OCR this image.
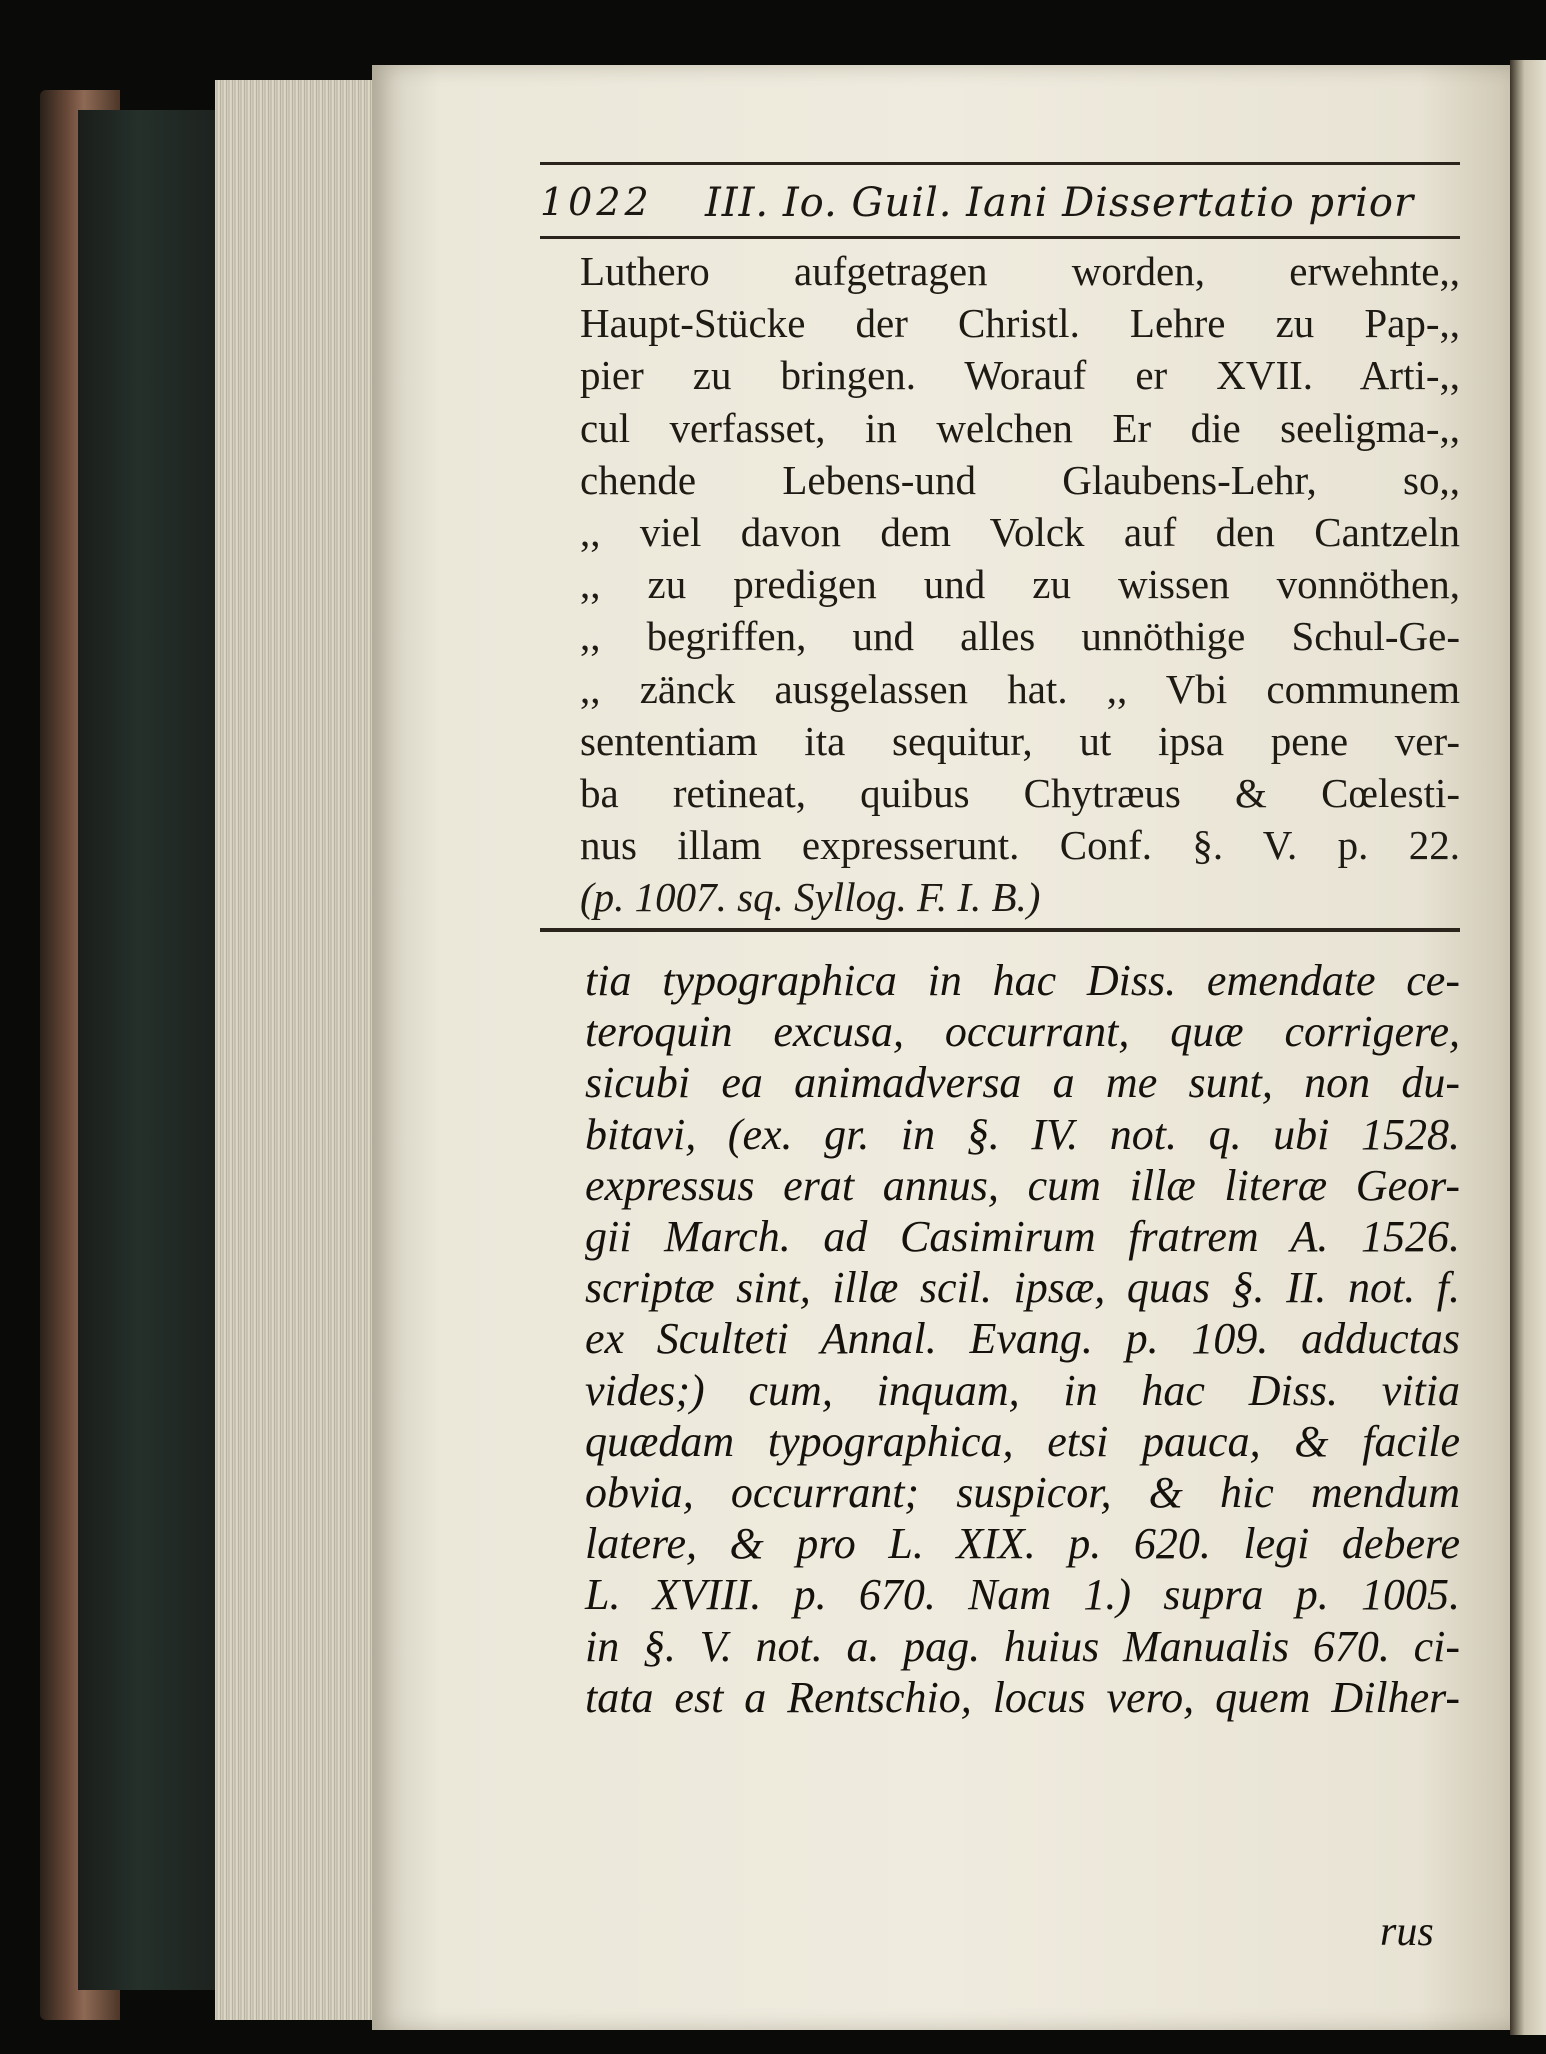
1022 III. Io. Guil. Iani Dissertatio prior
Luthero aufgetragen worden, erwehnte,,
Haupt-Stücke der Christl. Lehre zu Pap-,,
pier zu bringen. Worauf er XVII. Arti-,,
cul verfasset, in welchen Er die seeligma-,,
chende Lebens-und Glaubens-Lehr, so,,
,, viel davon dem Volck auf den Cantzeln
,, zu predigen und zu wissen vonnöthen,
,, begriffen, und alles unnöthige Schul-Ge-
,, zänck ausgelassen hat. ,, Vbi communem
sententiam ita sequitur, ut ipsa pene ver-
ba retineat, quibus Chytræus & Cœlesti-
nus illam expresserunt. Conf. §. V. p. 22.
(p. 1007. sq. Syllog. F. I. B.)
tia typographica in hac Diss. emendate ce-
teroquin excusa, occurrant, quæ corrigere,
sicubi ea animadversa a me sunt, non du-
bitavi, (ex. gr. in §. IV. not. q. ubi 1528.
expressus erat annus, cum illæ literæ Geor-
gii March. ad Casimirum fratrem A. 1526.
scriptæ sint, illæ scil. ipsæ, quas §. II. not. f.
ex Sculteti Annal. Evang. p. 109. adductas
vides;) cum, inquam, in hac Diss. vitia
quædam typographica, etsi pauca, & facile
obvia, occurrant; suspicor, & hic mendum
latere, & pro L. XIX. p. 620. legi debere
L. XVIII. p. 670. Nam 1.) supra p. 1005.
in §. V. not. a. pag. huius Manualis 670. ci-
tata est a Rentschio, locus vero, quem Dilher-
rus
